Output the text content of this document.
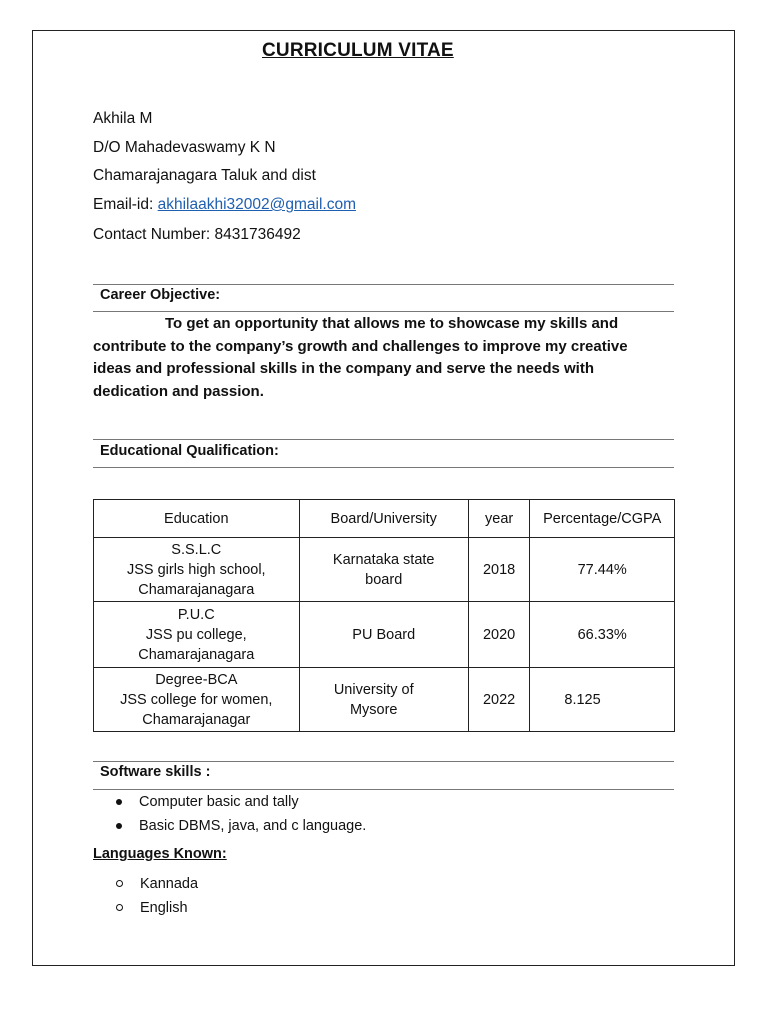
CURRICULUM VITAE
Akhila M
D/O Mahadevaswamy K N
Chamarajanagara Taluk and dist
Email-id: akhilaakhi32002@gmail.com
Contact Number: 8431736492
Career Objective:
To get an opportunity that allows me to showcase my skills and contribute to the company’s growth and challenges to improve my creative ideas and professional skills in the company and serve the needs with dedication and passion.
Educational Qualification:
Education	Board/University	year	Percentage/CGPA

S.S.L.C
JSS girls high school,
Chamarajanagara	Karnataka state board	2018	77.44%

P.U.C
JSS pu college,
Chamarajanagara	PU Board	2020	66.33%

Degree-BCA
JSS college for women,
Chamarajanagar	University of Mysore	2022	8.125
Software skills :
Computer basic and tally
Basic DBMS, java, and c language.
Languages Known:
Kannada
English
